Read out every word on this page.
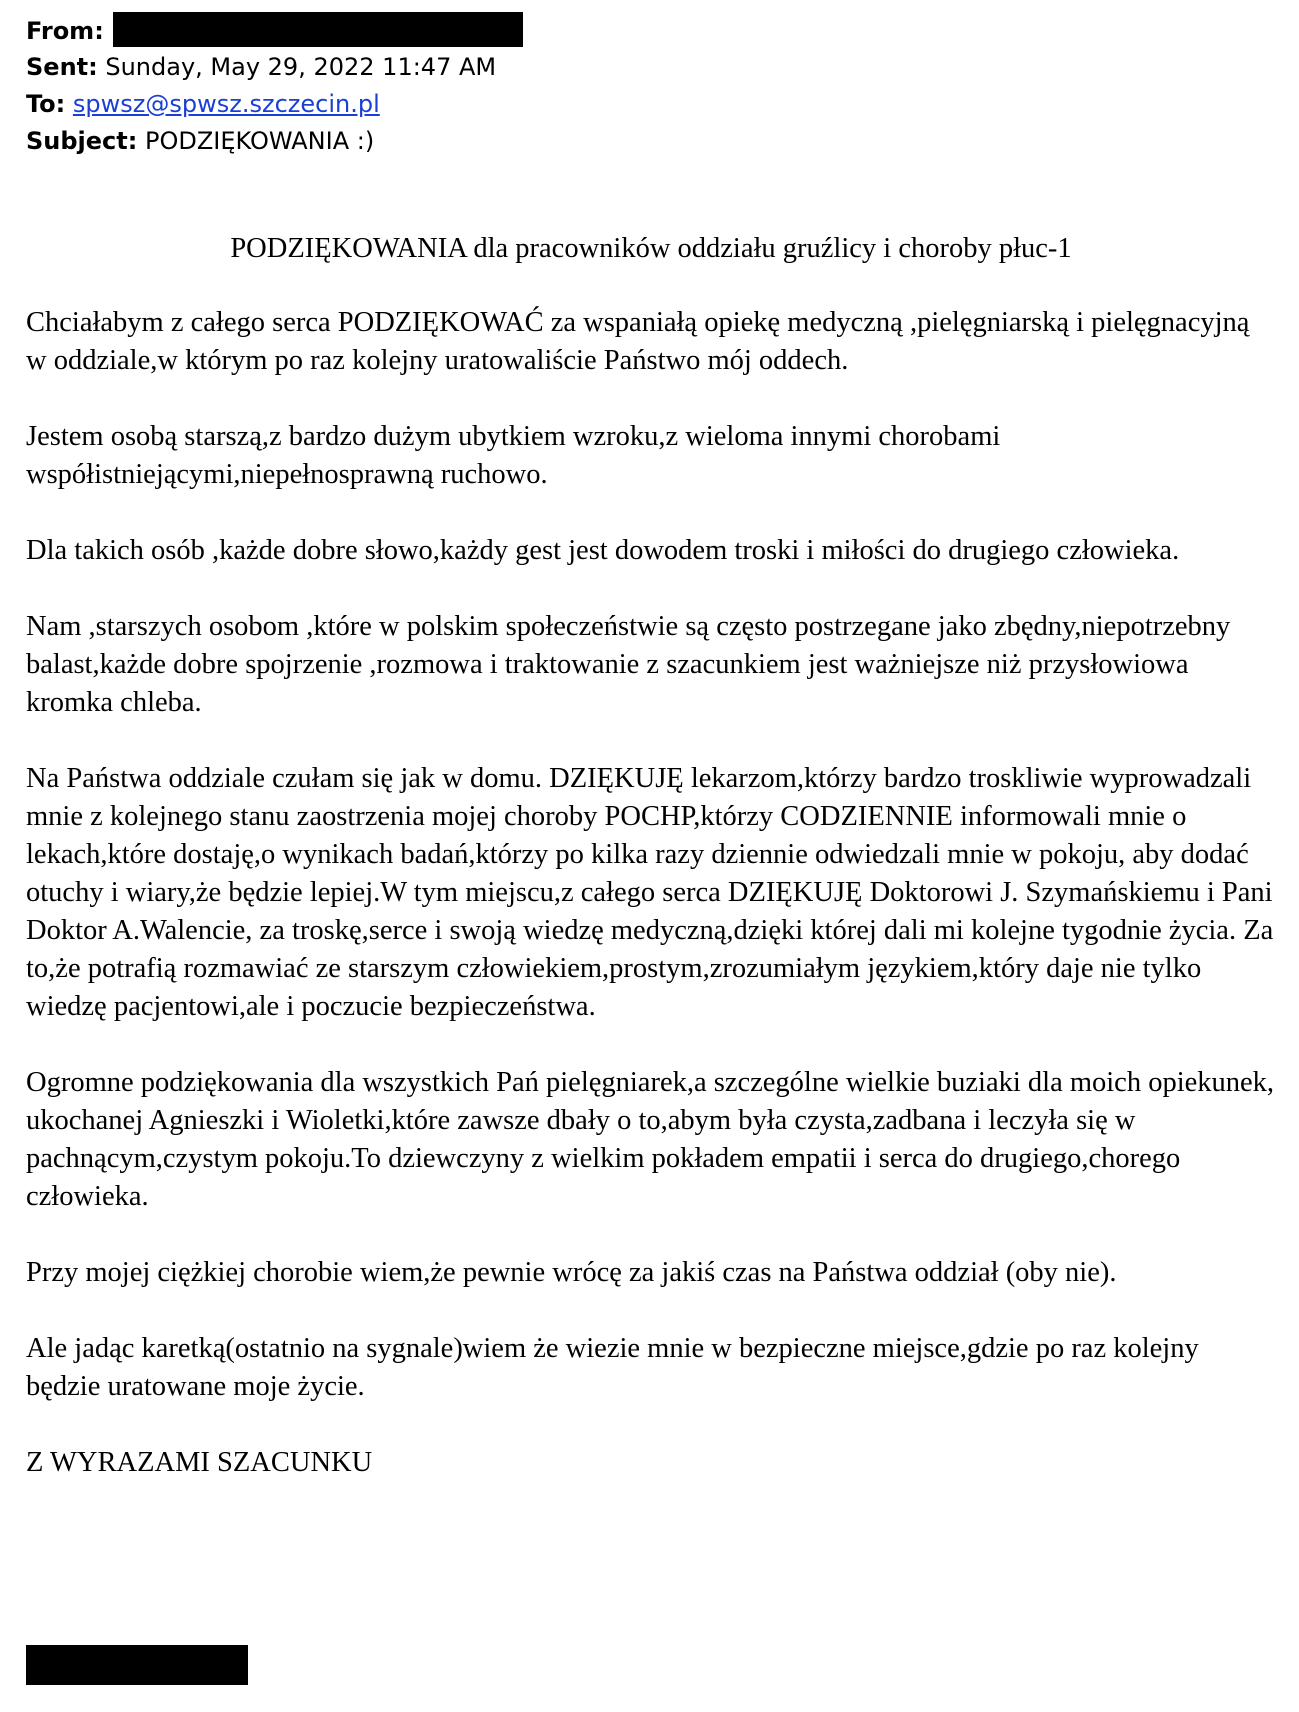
From:
Sent: Sunday, May 29, 2022 11:47 AM
To: spwsz@spwsz.szczecin.pl
Subject: PODZIĘKOWANIA :)

PODZIĘKOWANIA dla pracowników oddziału gruźlicy i choroby płuc-1

Chciałabym z całego serca PODZIĘKOWAĆ za wspaniałą opiekę medyczną ,pielęgniarską i pielęgnacyjną w oddziale,w którym po raz kolejny uratowaliście Państwo mój oddech.

Jestem osobą starszą,z bardzo dużym ubytkiem wzroku,z wieloma innymi chorobami współistniejącymi,niepełnosprawną ruchowo.

Dla takich osób ,każde dobre słowo,każdy gest jest dowodem troski i miłości do drugiego człowieka.

Nam ,starszych osobom ,które w polskim społeczeństwie są często postrzegane jako zbędny,niepotrzebny balast,każde dobre spojrzenie ,rozmowa i traktowanie z szacunkiem jest ważniejsze niż przysłowiowa kromka chleba.

Na Państwa oddziale czułam się jak w domu. DZIĘKUJĘ lekarzom,którzy bardzo troskliwie wyprowadzali mnie z kolejnego stanu zaostrzenia mojej choroby POCHP,którzy CODZIENNIE informowali mnie o lekach,które dostaję,o wynikach badań,którzy po kilka razy dziennie odwiedzali mnie w pokoju, aby dodać otuchy i wiary,że będzie lepiej.W tym miejscu,z całego serca DZIĘKUJĘ Doktorowi J. Szymańskiemu i Pani Doktor A.Walencie, za troskę,serce i swoją wiedzę medyczną,dzięki której dali mi kolejne tygodnie życia. Za to,że potrafią rozmawiać ze starszym człowiekiem,prostym,zrozumiałym językiem,który daje nie tylko wiedzę pacjentowi,ale i poczucie bezpieczeństwa.

Ogromne podziękowania dla wszystkich Pań pielęgniarek,a szczególne wielkie buziaki dla moich opiekunek, ukochanej Agnieszki i Wioletki,które zawsze dbały o to,abym była czysta,zadbana i leczyła się w pachnącym,czystym pokoju.To dziewczyny z wielkim pokładem empatii i serca do drugiego,chorego człowieka.

Przy mojej ciężkiej chorobie wiem,że pewnie wrócę za jakiś czas na Państwa oddział (oby nie).

Ale jadąc karetką(ostatnio na sygnale)wiem że wiezie mnie w bezpieczne miejsce,gdzie po raz kolejny będzie uratowane moje życie.

Z WYRAZAMI SZACUNKU
